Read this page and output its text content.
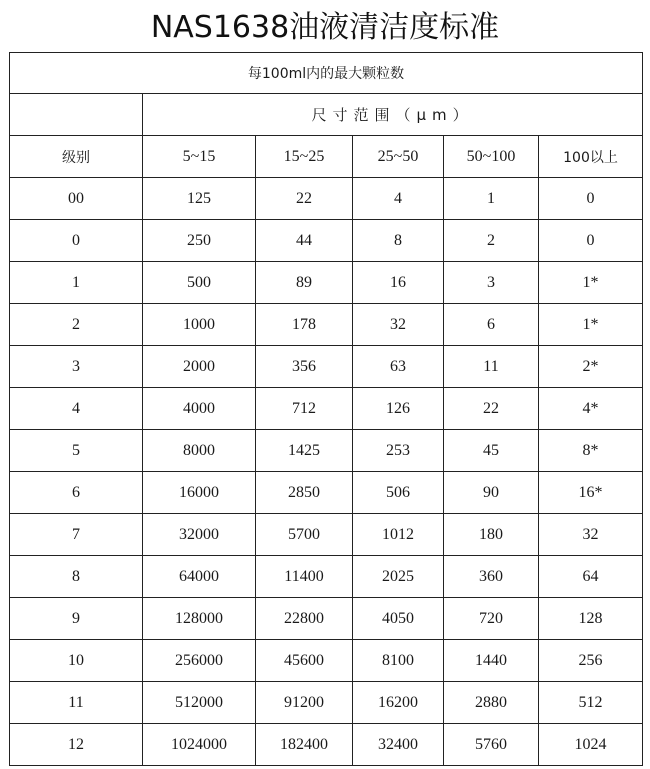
NAS1638油液清洁度标准
每100ml内的最大颗粒数					
	尺寸范围（μm）				
级别	5~15	15~25	25~50	50~100	100以上
00	125	22	4	1	0
0	250	44	8	2	0
1	500	89	16	3	1*
2	1000	178	32	6	1*
3	2000	356	63	11	2*
4	4000	712	126	22	4*
5	8000	1425	253	45	8*
6	16000	2850	506	90	16*
7	32000	5700	1012	180	32
8	64000	11400	2025	360	64
9	128000	22800	4050	720	128
10	256000	45600	8100	1440	256
11	512000	91200	16200	2880	512
12	1024000	182400	32400	5760	1024
